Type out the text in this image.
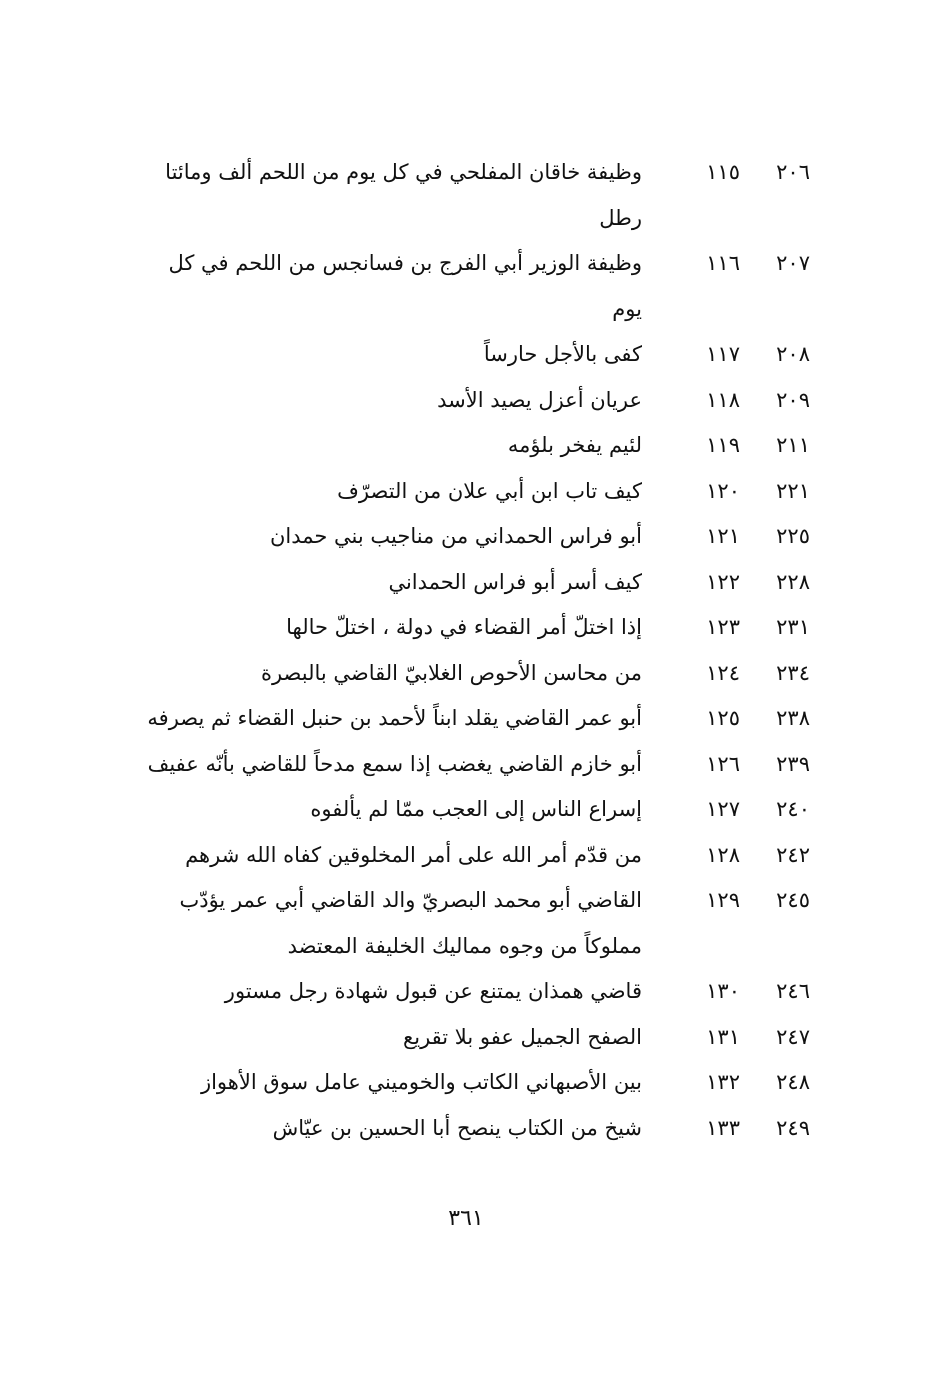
٢٠٦
١١٥
وظيفة خاقان المفلحي في كل يوم من اللحم ألف ومائتا رطل
٢٠٧
١١٦
وظيفة الوزير أبي الفرج بن فسانجس من اللحم في كل يوم
٢٠٨
١١٧
كفى بالأجل حارساً
٢٠٩
١١٨
عريان أعزل يصيد الأسد
٢١١
١١٩
لئيم يفخر بلؤمه
٢٢١
١٢٠
كيف تاب ابن أبي علان من التصرّف
٢٢٥
١٢١
أبو فراس الحمداني من مناجيب بني حمدان
٢٢٨
١٢٢
كيف أسر أبو فراس الحمداني
٢٣١
١٢٣
إذا اختلّ أمر القضاء في دولة ، اختلّ حالها
٢٣٤
١٢٤
من محاسن الأحوص الغلابيّ القاضي بالبصرة
٢٣٨
١٢٥
أبو عمر القاضي يقلد ابناً لأحمد بن حنبل القضاء ثم يصرفه
٢٣٩
١٢٦
أبو خازم القاضي يغضب إذا سمع مدحاً للقاضي بأنّه عفيف
٢٤٠
١٢٧
إسراع الناس إلى العجب ممّا لم يألفوه
٢٤٢
١٢٨
من قدّم أمر الله على أمر المخلوقين كفاه الله شرهم
٢٤٥
١٢٩
القاضي أبو محمد البصريّ والد القاضي أبي عمر يؤدّب مملوكاً من وجوه مماليك الخليفة المعتضد
٢٤٦
١٣٠
قاضي همذان يمتنع عن قبول شهادة رجل مستور
٢٤٧
١٣١
الصفح الجميل عفو بلا تقريع
٢٤٨
١٣٢
بين الأصبهاني الكاتب والخوميني عامل سوق الأهواز
٢٤٩
١٣٣
شيخ من الكتاب ينصح أبا الحسين بن عيّاش
٣٦١
